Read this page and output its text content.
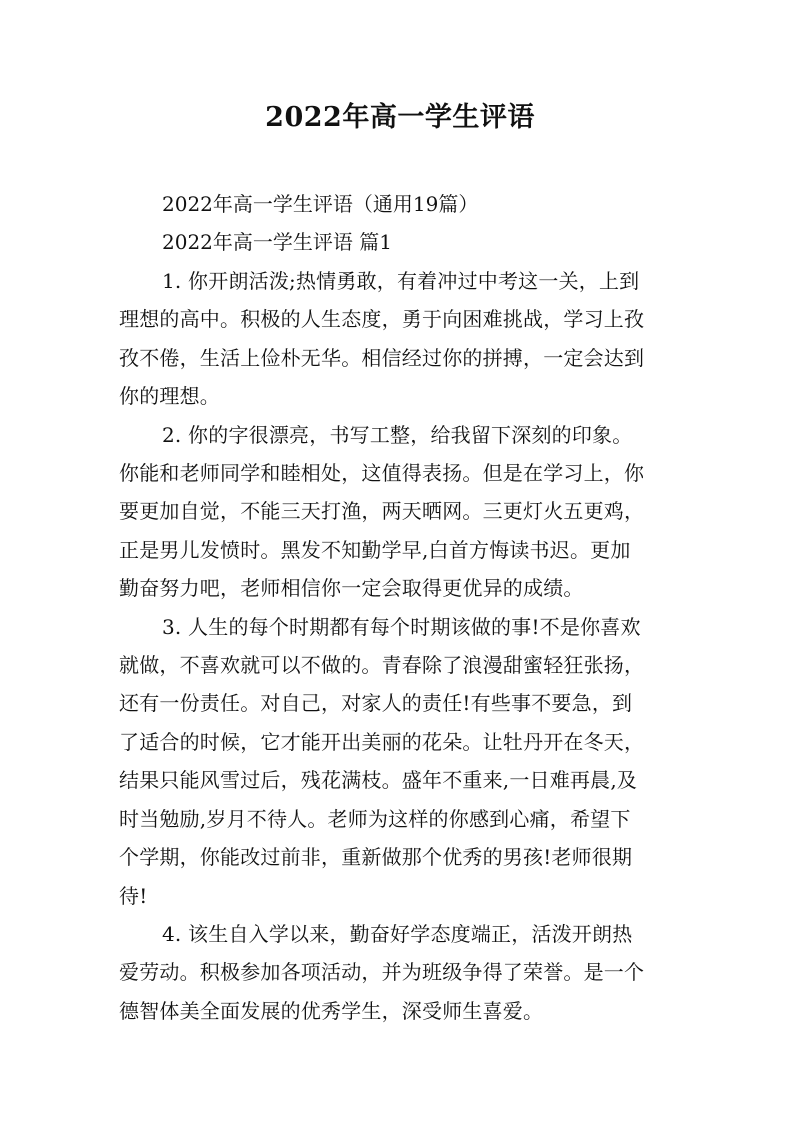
2022年高一学生评语
2022年高一学生评语（通用19篇）
2022年高一学生评语 篇1

1. 你开朗活泼;热情勇敢，有着冲过中考这一关，上到
理想的高中。积极的人生态度，勇于向困难挑战，学习上孜
孜不倦，生活上俭朴无华。相信经过你的拼搏，一定会达到
你的理想。

2. 你的字很漂亮，书写工整，给我留下深刻的印象。
你能和老师同学和睦相处，这值得表扬。但是在学习上，你
要更加自觉，不能三天打渔，两天晒网。三更灯火五更鸡，
正是男儿发愤时。黑发不知勤学早,白首方悔读书迟。更加
勤奋努力吧，老师相信你一定会取得更优异的成绩。

3. 人生的每个时期都有每个时期该做的事!不是你喜欢
就做，不喜欢就可以不做的。青春除了浪漫甜蜜轻狂张扬，
还有一份责任。对自己，对家人的责任!有些事不要急，到
了适合的时候，它才能开出美丽的花朵。让牡丹开在冬天，
结果只能风雪过后，残花满枝。盛年不重来,一日难再晨,及
时当勉励,岁月不待人。老师为这样的你感到心痛，希望下
个学期，你能改过前非，重新做那个优秀的男孩!老师很期
待!

4. 该生自入学以来，勤奋好学态度端正，活泼开朗热
爱劳动。积极参加各项活动，并为班级争得了荣誉。是一个
德智体美全面发展的优秀学生，深受师生喜爱。
